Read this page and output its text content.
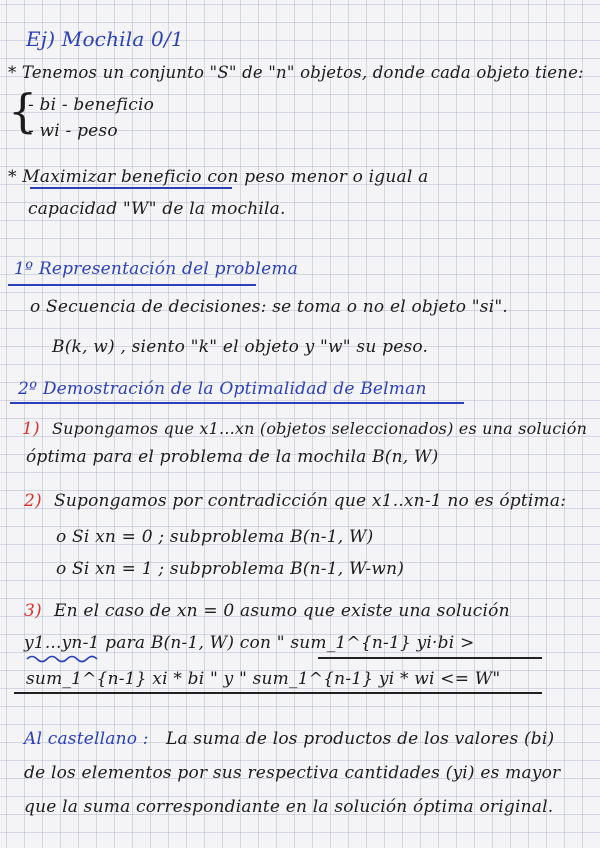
Ej) Mochila 0/1
* Tenemos un conjunto "S" de "n" objetos, donde cada objeto tiene:
{
- bi - beneficio
- wi - peso
* Maximizar beneficio con peso menor o igual a
capacidad "W" de la mochila.
1º Representación del problema
o Secuencia de decisiones: se toma o no el objeto "si".
B(k, w) , siento "k" el objeto y "w" su peso.
2º Demostración de la Optimalidad de Belman
1) Supongamos que x1...xn (objetos seleccionados) es una solución
óptima para el problema de la mochila B(n, W)
2) Supongamos por contradicción que x1..xn-1 no es óptima:
o Si xn = 0 ; subproblema B(n-1, W)
o Si xn = 1 ; subproblema B(n-1, W-wn)
3) En el caso de xn = 0 asumo que existe una solución
y1...yn-1 para B(n-1, W) con " sum_1^{n-1} yi·bi >
sum_1^{n-1} xi * bi " y " sum_1^{n-1} yi * wi <= W"
Al castellano : La suma de los productos de los valores (bi)
de los elementos por sus respectiva cantidades (yi) es mayor
que la suma correspondiante en la solución óptima original.
